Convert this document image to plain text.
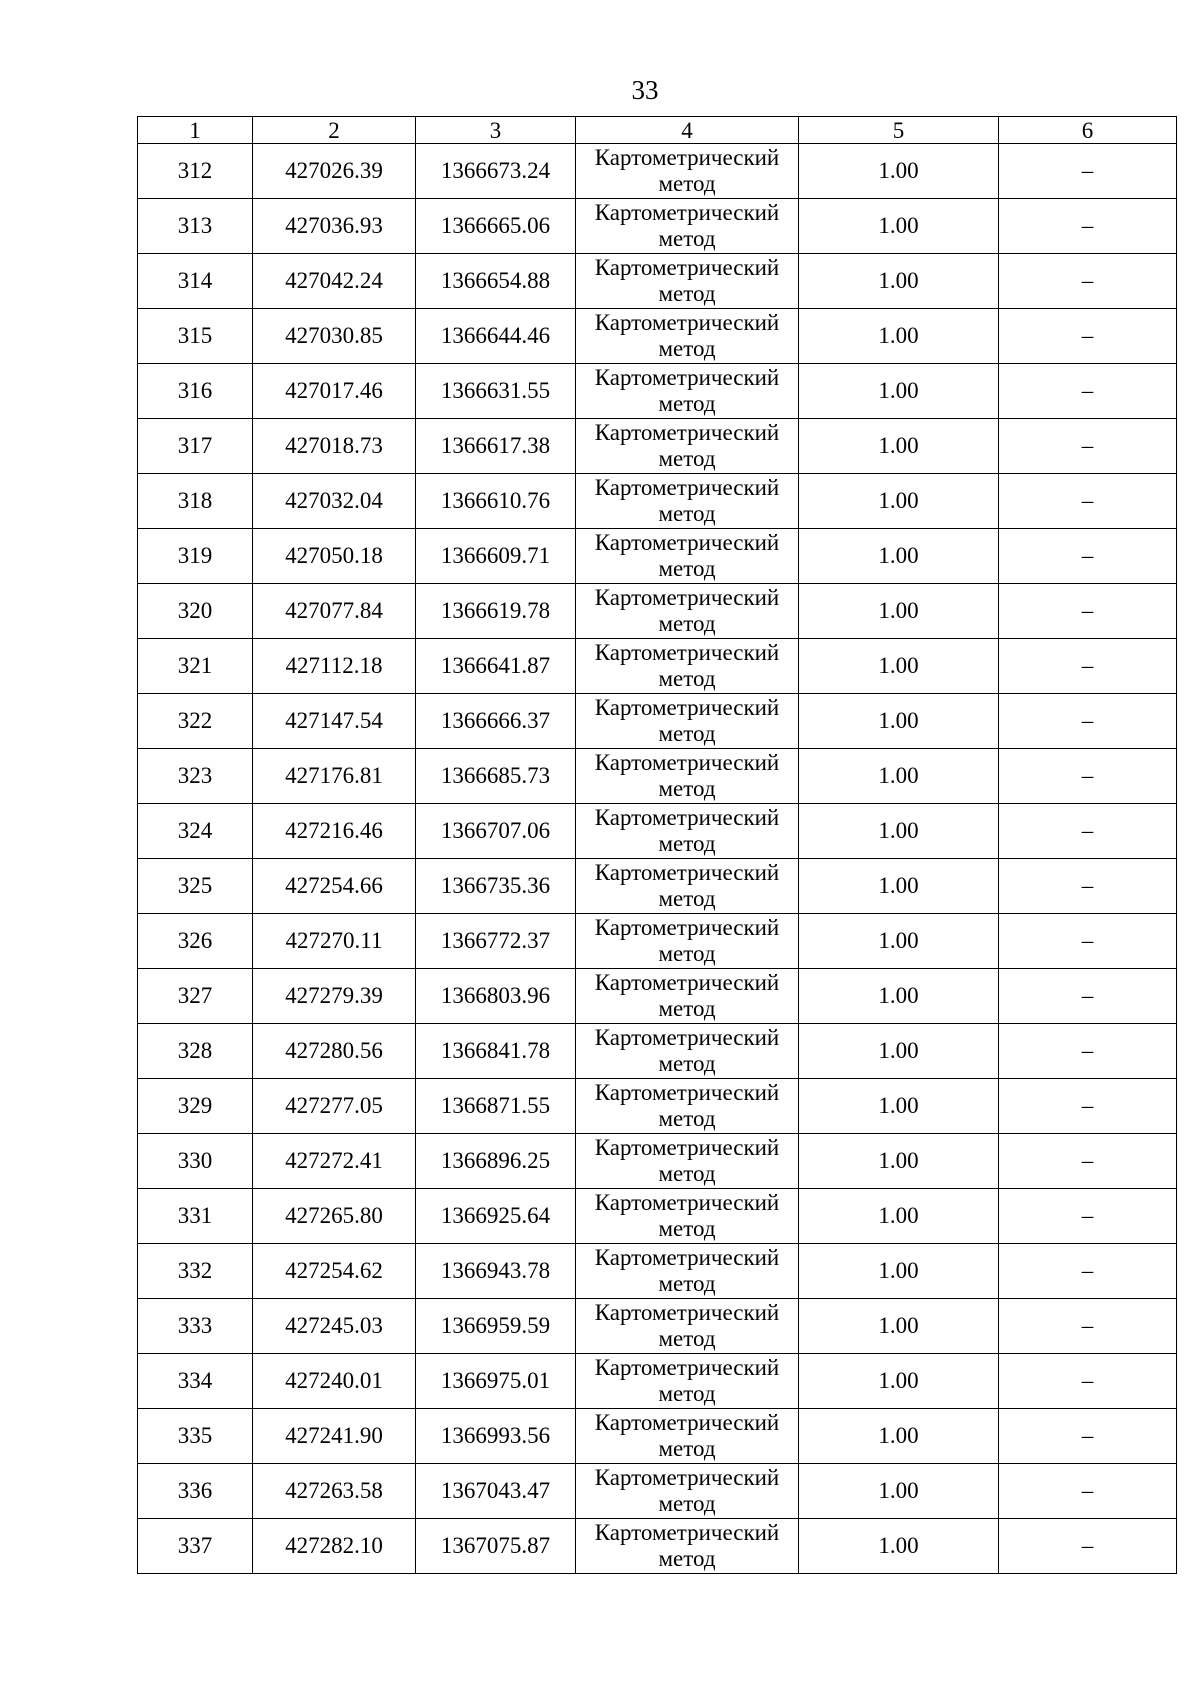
33
1	2	3	4	5	6
312	427026.39	1366673.24	Картометрический метод	1.00	–
313	427036.93	1366665.06	Картометрический метод	1.00	–
314	427042.24	1366654.88	Картометрический метод	1.00	–
315	427030.85	1366644.46	Картометрический метод	1.00	–
316	427017.46	1366631.55	Картометрический метод	1.00	–
317	427018.73	1366617.38	Картометрический метод	1.00	–
318	427032.04	1366610.76	Картометрический метод	1.00	–
319	427050.18	1366609.71	Картометрический метод	1.00	–
320	427077.84	1366619.78	Картометрический метод	1.00	–
321	427112.18	1366641.87	Картометрический метод	1.00	–
322	427147.54	1366666.37	Картометрический метод	1.00	–
323	427176.81	1366685.73	Картометрический метод	1.00	–
324	427216.46	1366707.06	Картометрический метод	1.00	–
325	427254.66	1366735.36	Картометрический метод	1.00	–
326	427270.11	1366772.37	Картометрический метод	1.00	–
327	427279.39	1366803.96	Картометрический метод	1.00	–
328	427280.56	1366841.78	Картометрический метод	1.00	–
329	427277.05	1366871.55	Картометрический метод	1.00	–
330	427272.41	1366896.25	Картометрический метод	1.00	–
331	427265.80	1366925.64	Картометрический метод	1.00	–
332	427254.62	1366943.78	Картометрический метод	1.00	–
333	427245.03	1366959.59	Картометрический метод	1.00	–
334	427240.01	1366975.01	Картометрический метод	1.00	–
335	427241.90	1366993.56	Картометрический метод	1.00	–
336	427263.58	1367043.47	Картометрический метод	1.00	–
337	427282.10	1367075.87	Картометрический метод	1.00	–
